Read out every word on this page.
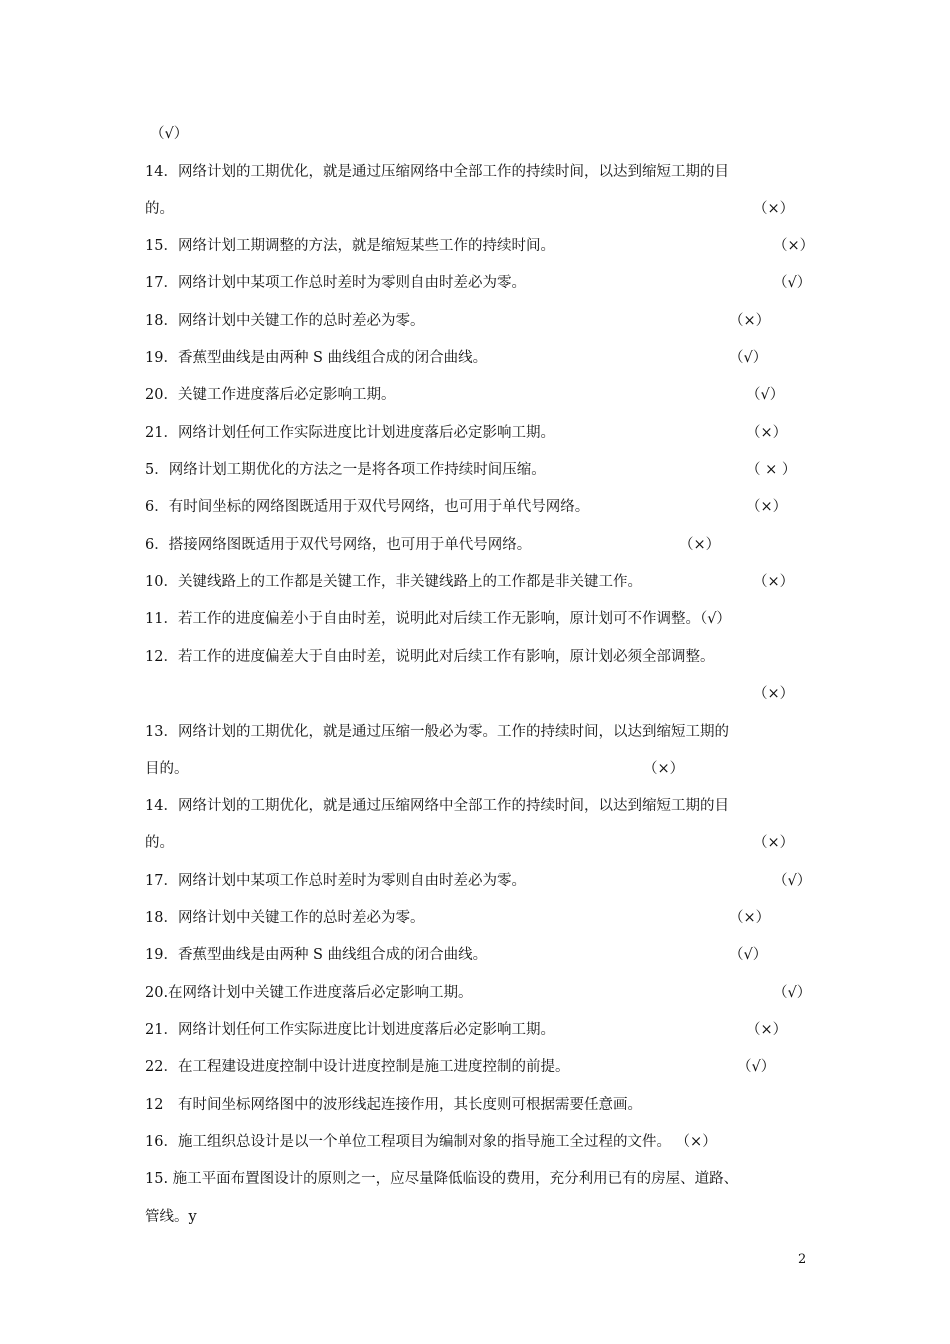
（√）
14．网络计划的工期优化，就是通过压缩网络中全部工作的持续时间，以达到缩短工期的目
的。	（×）
15．网络计划工期调整的方法，就是缩短某些工作的持续时间。	（×）
17．网络计划中某项工作总时差时为零则自由时差必为零。	（√）
18．网络计划中关键工作的总时差必为零。	（×）
19．香蕉型曲线是由两种 S 曲线组合成的闭合曲线。	（√）
20．关键工作进度落后必定影响工期。	（√）
21．网络计划任何工作实际进度比计划进度落后必定影响工期。	（×）
5．网络计划工期优化的方法之一是将各项工作持续时间压缩。	（ × ）
6．有时间坐标的网络图既适用于双代号网络，也可用于单代号网络。	（×）
6．搭接网络图既适用于双代号网络，也可用于单代号网络。	（×）
10．关键线路上的工作都是关键工作，非关键线路上的工作都是非关键工作。	（×）
11．若工作的进度偏差小于自由时差，说明此对后续工作无影响，原计划可不作调整。（√）
12．若工作的进度偏差大于自由时差，说明此对后续工作有影响，原计划必须全部调整。
（×）
13．网络计划的工期优化，就是通过压缩一般必为零。工作的持续时间，以达到缩短工期的
目的。	（×）
14．网络计划的工期优化，就是通过压缩网络中全部工作的持续时间，以达到缩短工期的目
的。	（×）
17．网络计划中某项工作总时差时为零则自由时差必为零。	（√）
18．网络计划中关键工作的总时差必为零。	（×）
19．香蕉型曲线是由两种 S 曲线组合成的闭合曲线。	（√）
20.在网络计划中关键工作进度落后必定影响工期。	（√）
21．网络计划任何工作实际进度比计划进度落后必定影响工期。	（×）
22．在工程建设进度控制中设计进度控制是施工进度控制的前提。	（√）
12　有时间坐标网络图中的波形线起连接作用，其长度则可根据需要任意画。
16．施工组织总设计是以一个单位工程项目为编制对象的指导施工全过程的文件。 （×）
15. 施工平面布置图设计的原则之一，应尽量降低临设的费用，充分利用已有的房屋、道路、
管线。y
2
